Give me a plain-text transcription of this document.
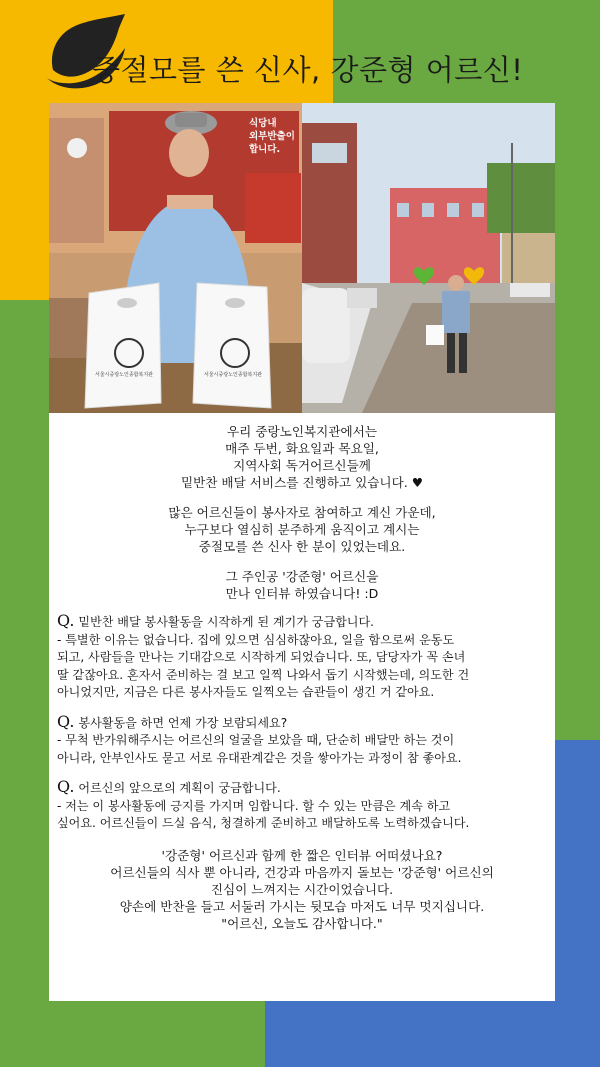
중절모를 쓴 신사, 강준형 어르신!
식당내
외부반출이
합니다.
서울시중랑노인종합복지관	서울시중랑노인종합복지관
우리 중랑노인복지관에서는
매주 두번, 화요일과 목요일,
지역사회 독거어르신들께
밑반찬 배달 서비스를 진행하고 있습니다. ♥
많은 어르신들이 봉사자로 참여하고 계신 가운데,
누구보다 열심히 분주하게 움직이고 계시는
중절모를 쓴 신사 한 분이 있었는데요.
그 주인공 '강준형' 어르신을
만나 인터뷰 하였습니다! :D
Q. 밑반찬 배달 봉사활동을 시작하게 된 계기가 궁금합니다.
- 특별한 이유는 없습니다. 집에 있으면 심심하잖아요, 일을 함으로써 운동도
되고, 사람들을 만나는 기대감으로 시작하게 되었습니다. 또, 담당자가 꼭 손녀
딸 같잖아요. 혼자서 준비하는 걸 보고 일찍 나와서 돕기 시작했는데, 의도한 건
아니었지만, 지금은 다른 봉사자들도 일찍오는 습관들이 생긴 거 같아요.
Q. 봉사활동을 하면 언제 가장 보람되세요?
- 무척 반가워해주시는 어르신의 얼굴을 보았을 때, 단순히 배달만 하는 것이
아니라, 안부인사도 묻고 서로 유대관계같은 것을 쌓아가는 과정이 참 좋아요.
Q. 어르신의 앞으로의 계획이 궁금합니다.
- 저는 이 봉사활동에 긍지를 가지며 임합니다. 할 수 있는 만큼은 계속 하고
싶어요. 어르신들이 드실 음식, 청결하게 준비하고 배달하도록 노력하겠습니다.
'강준형' 어르신과 함께 한 짧은 인터뷰 어떠셨나요?
어르신들의 식사 뿐 아니라, 건강과 마음까지 돌보는 '강준형' 어르신의
진심이 느껴지는 시간이었습니다.
양손에 반찬을 들고 서둘러 가시는 뒷모습 마저도 너무 멋지십니다.
"어르신, 오늘도 감사합니다."
